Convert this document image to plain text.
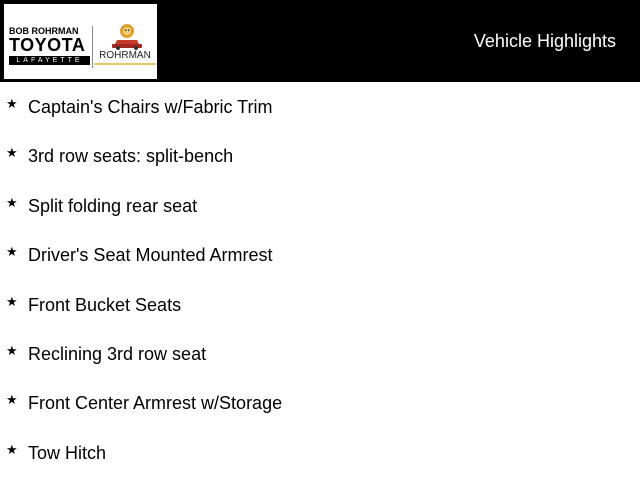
BOB ROHRMAN
TOYOTA
LAFAYETTE	ROHRMAN
Vehicle Highlights
★ Captain's Chairs w/Fabric Trim
★ 3rd row seats: split-bench
★ Split folding rear seat
★ Driver's Seat Mounted Armrest
★ Front Bucket Seats
★ Reclining 3rd row seat
★ Front Center Armrest w/Storage
★ Tow Hitch
